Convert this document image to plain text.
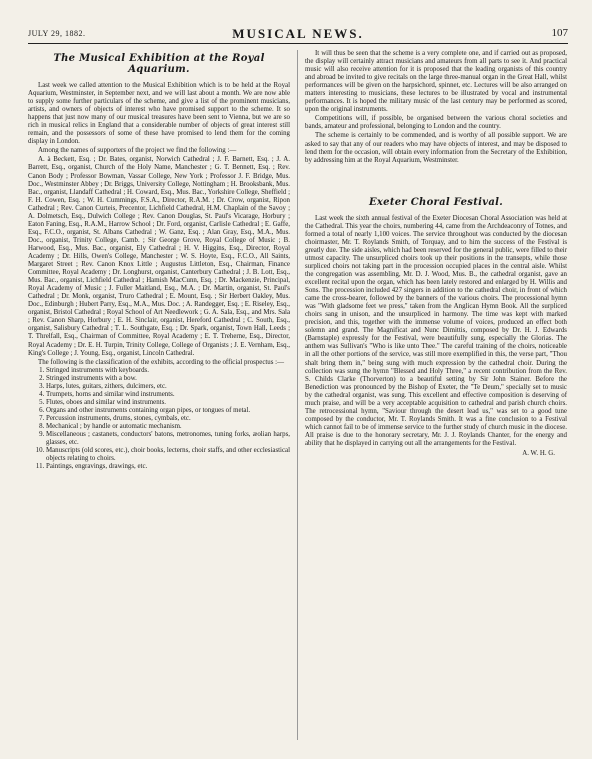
JULY 29, 1882.	MUSICAL NEWS.	107
The Musical Exhibition at the Royal Aquarium.

Last week we called attention to the Musical Exhibition which is to be held at the Royal Aquarium, Westminster, in September next, and we will last about a month. We are now able to supply some further particulars of the scheme, and give a list of the prominent musicians, artists, and owners of objects of interest who have promised support to the scheme. It so happens that just now many of our musical treasures have been sent to Vienna, but we are so rich in musical relics in England that a considerable number of objects of great interest still remain, and the possessors of some of these have promised to lend them for the coming display in London.

Among the names of supporters of the project we find the following :—

A. à Beckett, Esq. ; Dr. Bates, organist, Norwich Cathedral ; J. F. Barnett, Esq. ; J. A. Barrett, Esq., organist, Church of the Holy Name, Manchester ; G. T. Bennett, Esq. ; Rev. Canon Body ; Professor Bowman, Vassar College, New York ; Professor J. F. Bridge, Mus. Doc., Westminster Abbey ; Dr. Briggs, University College, Nottingham ; H. Brooksbank, Mus. Bac., organist, Llandaff Cathedral ; H. Coward, Esq., Mus. Bac., Yorkshire College, Sheffield ; F. H. Cowen, Esq. ; W. H. Cummings, F.S.A., Director, R.A.M. ; Dr. Crow, organist, Ripon Cathedral ; Rev. Canon Curteis, Precentor, Lichfield Cathedral, H.M. Chaplain of the Savoy ; A. Dolmetsch, Esq., Dulwich College ; Rev. Canon Douglas, St. Paul's Vicarage, Horbury ; Eaton Faning, Esq., R.A.M., Harrow School ; Dr. Ford, organist, Carlisle Cathedral ; E. Gaffe, Esq., F.C.O., organist, St. Albans Cathedral ; W. Ganz, Esq. ; Alan Gray, Esq., M.A., Mus. Doc., organist, Trinity College, Camb. ; Sir George Grove, Royal College of Music ; B. Harwood, Esq., Mus. Bac., organist, Ely Cathedral ; H. V. Higgins, Esq., Director, Royal Academy ; Dr. Hills, Owen's College, Manchester ; W. S. Hoyte, Esq., F.C.O., All Saints, Margaret Street ; Rev. Canon Knox Little ; Augustus Littleton, Esq., Chairman, Finance Committee, Royal Academy ; Dr. Longhurst, organist, Canterbury Cathedral ; J. B. Lott, Esq., Mus. Bac., organist, Lichfield Cathedral ; Hamish MacCunn, Esq. ; Dr. Mackenzie, Principal, Royal Academy of Music ; J. Fuller Maitland, Esq., M.A. ; Dr. Martin, organist, St. Paul's Cathedral ; Dr. Monk, organist, Truro Cathedral ; E. Mount, Esq. ; Sir Herbert Oakley, Mus. Doc., Edinburgh ; Hubert Parry, Esq., M.A., Mus. Doc. ; A. Randegger, Esq. ; E. Riseley, Esq., organist, Bristol Cathedral ; Royal School of Art Needlework ; G. A. Sala, Esq., and Mrs. Sala ; Rev. Canon Sharp, Horbury ; E. H. Sinclair, organist, Hereford Cathedral ; C. South, Esq., organist, Salisbury Cathedral ; T. L. Southgate, Esq. ; Dr. Spark, organist, Town Hall, Leeds ; T. Threlfall, Esq., Chairman of Committee, Royal Academy ; E. T. Treherne, Esq., Director, Royal Academy ; Dr. E. H. Turpin, Trinity College, College of Organists ; J. E. Vernham, Esq., King's College ; J. Young, Esq., organist, Lincoln Cathedral.

The following is the classification of the exhibits, according to the official prospectus :—

1. Stringed instruments with keyboards.
2. Stringed instruments with a bow.
3. Harps, lutes, guitars, zithers, dulcimers, etc.
4. Trumpets, horns and similar wind instruments.
5. Flutes, oboes and similar wind instruments.
6. Organs and other instruments containing organ pipes, or tongues of metal.
7. Percussion instruments, drums, stones, cymbals, etc.
8. Mechanical ; by handle or automatic mechanism.
9. Miscellaneous ; castanets, conductors' batons, metronomes, tuning forks, æolian harps, glasses, etc.
10. Manuscripts (old scores, etc.), choir books, lecterns, choir staffs, and other ecclesiastical objects relating to choirs.
11. Paintings, engravings, drawings, etc.

It will thus be seen that the scheme is a very complete one, and if carried out as proposed, the display will certainly attract musicians and amateurs from all parts to see it. And practical music will also receive attention for it is proposed that the leading organists of this country and abroad be invited to give recitals on the large three-manual organ in the Great Hall, whilst performances will be given on the harpsichord, spinnet, etc. Lectures will be also arranged on matters interesting to musicians, these lectures to be illustrated by vocal and instrumental performances. It is hoped the military music of the last century may be performed as scored, upon the original instruments.

Competitions will, if possible, be organised between the various choral societies and bands, amateur and professional, belonging to London and the country.

The scheme is certainly to be commended, and is worthy of all possible support. We are asked to say that any of our readers who may have objects of interest, and may be disposed to lend them for the occasion, will obtain every information from the Secretary of the Exhibition, by addressing him at the Royal Aquarium, Westminster.

Exeter Choral Festival.

Last week the sixth annual festival of the Exeter Diocesan Choral Association was held at the Cathedral. This year the choirs, numbering 44, came from the Archdeaconry of Totnes, and formed a total of nearly 1,100 voices. The service throughout was conducted by the diocesan choirmaster, Mr. T. Roylands Smith, of Torquay, and to him the success of the Festival is greatly due. The side aisles, which had been reserved for the general public, were filled to their utmost capacity. The unsurpliced choirs took up their positions in the transepts, while those surpliced choirs not taking part in the procession occupied places in the central aisle. Whilst the congregation was assembling, Mr. D. J. Wood, Mus. B., the cathedral organist, gave an excellent recital upon the organ, which has been lately restored and enlarged by H. Willis and Sons. The procession included 427 singers in addition to the cathedral choir, in front of which came the cross-bearer, followed by the banners of the various choirs. The processional hymn was "With gladsome feet we press," taken from the Anglican Hymn Book. All the surpliced choirs sang in unison, and the unsurpliced in harmony. The time was kept with marked precision, and this, together with the immense volume of voices, produced an effect both solemn and grand. The Magnificat and Nunc Dimittis, composed by Dr. H. J. Edwards (Barnstaple) expressly for the Festival, were beautifully sung, especially the Glorias. The anthem was Sullivan's "Who is like unto Thee." The careful training of the choirs, noticeable in all the other portions of the service, was still more exemplified in this, the verse part, "Thou shalt bring them in," being sung with much expression by the cathedral choir. During the collection was sung the hymn "Blessed and Holy Three," a recent contribution from the Rev. S. Childs Clarke (Thorverton) to a beautiful setting by Sir John Stainer. Before the Benediction was pronounced by the Bishop of Exeter, the "Te Deum," specially set to music by the cathedral organist, was sung. This excellent and effective composition is deserving of much praise, and will be a very acceptable acquisition to cathedral and parish church choirs. The retrocessional hymn, "Saviour through the desert lead us," was set to a good tune composed by the conductor, Mr. T. Roylands Smith. It was a fine conclusion to a Festival which cannot fail to be of immense service to the further study of church music in the diocese. All praise is due to the honorary secretary, Mr. J. J. Roylands Chanter, for the energy and ability that he displayed in carrying out all the arrangements for the Festival.

A. W. H. G.
